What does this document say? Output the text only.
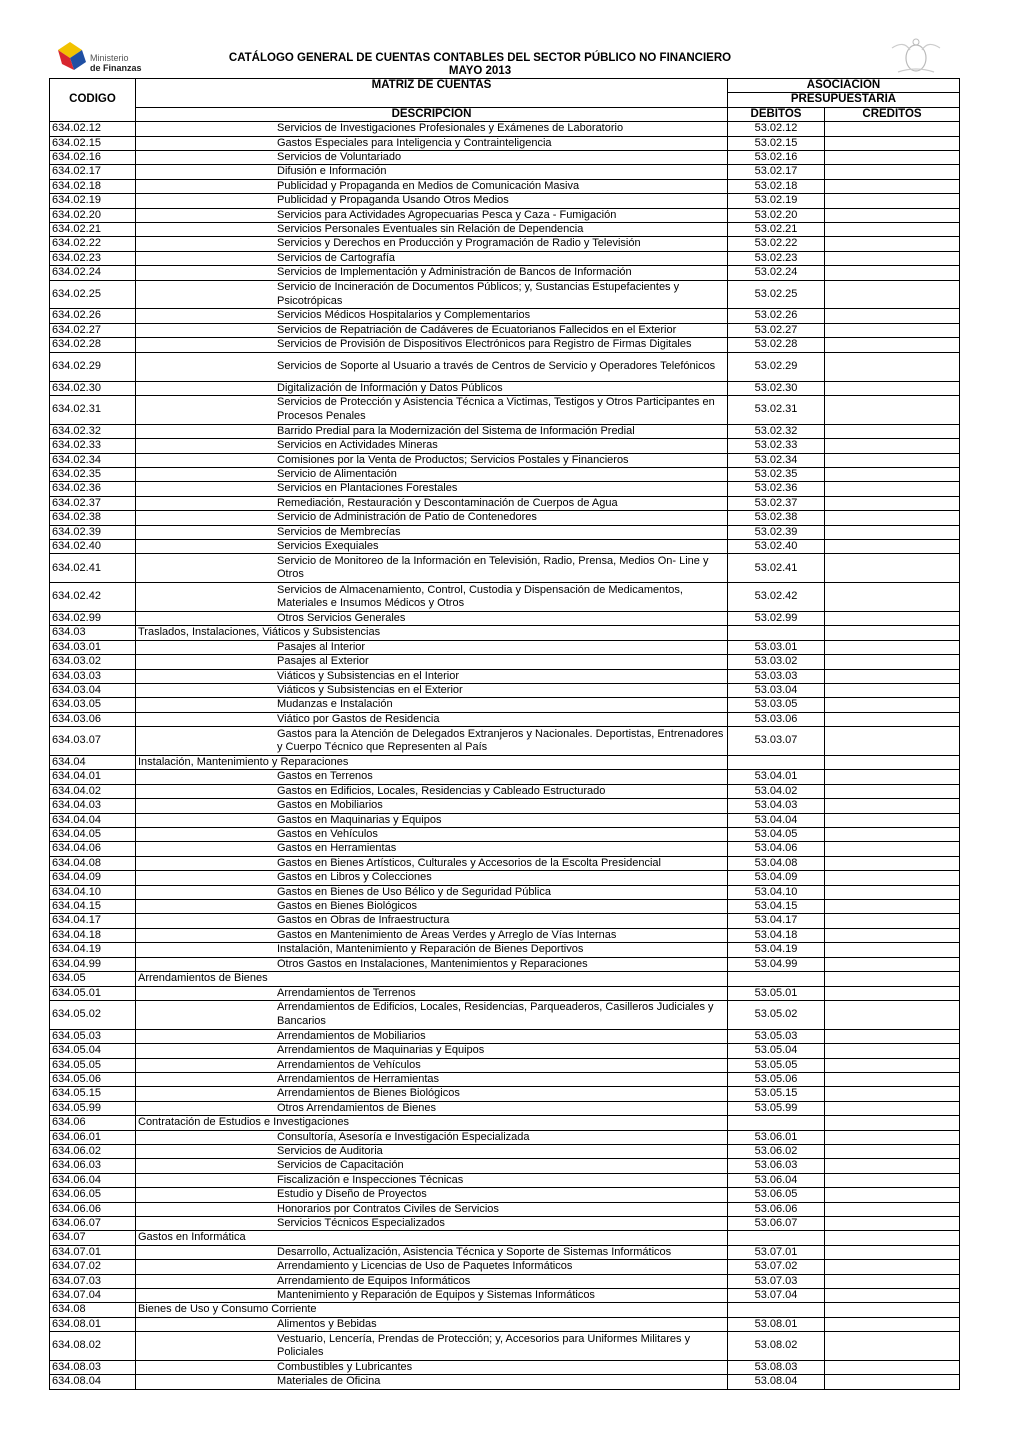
Ministerio
de Finanzas
CATÁLOGO GENERAL DE CUENTAS CONTABLES DEL SECTOR PÚBLICO NO FINANCIERO
MAYO 2013
CODIGO	MATRIZ DE CUENTAS	ASOCIACION	
		PRESUPUESTARIA	
	DESCRIPCION	DÉBITOS	CRÉDITOS
634.02.12	Servicios de Investigaciones Profesionales y Exámenes de Laboratorio	53.02.12	
634.02.15	Gastos Especiales para Inteligencia y Contrainteligencia	53.02.15	
634.02.16	Servicios de Voluntariado	53.02.16	
634.02.17	Difusión e Información	53.02.17	
634.02.18	Publicidad y Propaganda en Medios de Comunicación Masiva	53.02.18	
634.02.19	Publicidad y Propaganda Usando Otros Medios	53.02.19	
634.02.20	Servicios para Actividades Agropecuarias Pesca y Caza - Fumigación	53.02.20	
634.02.21	Servicios Personales Eventuales sin Relación de Dependencia	53.02.21	
634.02.22	Servicios y Derechos en Producción y Programación de Radio y Televisión	53.02.22	
634.02.23	Servicios de Cartografía	53.02.23	
634.02.24	Servicios de Implementación y Administración de Bancos de Información	53.02.24	
634.02.25	Servicio de Incineración de Documentos Públicos; y, Sustancias Estupefacientes y Psicotrópicas	53.02.25	
634.02.26	Servicios Médicos Hospitalarios y Complementarios	53.02.26	
634.02.27	Servicios de Repatriación de Cadáveres de Ecuatorianos Fallecidos en el Exterior	53.02.27	
634.02.28	Servicios de Provisión de Dispositivos Electrónicos para Registro de Firmas Digitales	53.02.28	
634.02.29	Servicios de Soporte al Usuario a través de Centros de Servicio y Operadores Telefónicos	53.02.29	
634.02.30	Digitalización de Información y Datos Públicos	53.02.30	
634.02.31	Servicios de Protección y Asistencia Técnica a Victimas, Testigos y Otros Participantes en Procesos Penales	53.02.31	
634.02.32	Barrido Predial para la Modernización del Sistema de Información Predial	53.02.32	
634.02.33	Servicios en Actividades Mineras	53.02.33	
634.02.34	Comisiones por la Venta de Productos; Servicios Postales y Financieros	53.02.34	
634.02.35	Servicio de Alimentación	53.02.35	
634.02.36	Servicios en Plantaciones Forestales	53.02.36	
634.02.37	Remediación, Restauración y Descontaminación de Cuerpos de Agua	53.02.37	
634.02.38	Servicio de Administración de Patio de Contenedores	53.02.38	
634.02.39	Servicios de Membrecías	53.02.39	
634.02.40	Servicios Exequiales	53.02.40	
634.02.41	Servicio de Monitoreo de la Información en Televisión, Radio, Prensa, Medios On- Line y Otros	53.02.41	
634.02.42	Servicios de Almacenamiento, Control, Custodia y Dispensación de Medicamentos, Materiales e Insumos Médicos y Otros	53.02.42	
634.02.99	Otros Servicios Generales	53.02.99	
634.03	Traslados, Instalaciones, Viáticos y Subsistencias		
634.03.01	Pasajes al Interior	53.03.01	
634.03.02	Pasajes al Exterior	53.03.02	
634.03.03	Viáticos y Subsistencias en el Interior	53.03.03	
634.03.04	Viáticos y Subsistencias en el Exterior	53.03.04	
634.03.05	Mudanzas e Instalación	53.03.05	
634.03.06	Viático por Gastos de Residencia	53.03.06	
634.03.07	Gastos para la Atención de Delegados Extranjeros y Nacionales. Deportistas, Entrenadores y Cuerpo Técnico que Representen al País	53.03.07	
634.04	Instalación, Mantenimiento y Reparaciones		
634.04.01	Gastos en Terrenos	53.04.01	
634.04.02	Gastos en Edificios, Locales, Residencias y Cableado Estructurado	53.04.02	
634.04.03	Gastos en Mobiliarios	53.04.03	
634.04.04	Gastos en Maquinarias y Equipos	53.04.04	
634.04.05	Gastos en Vehículos	53.04.05	
634.04.06	Gastos en Herramientas	53.04.06	
634.04.08	Gastos en Bienes Artísticos, Culturales y Accesorios de la Escolta Presidencial	53.04.08	
634.04.09	Gastos en Libros y Colecciones	53.04.09	
634.04.10	Gastos en Bienes de Uso Bélico y de Seguridad Pública	53.04.10	
634.04.15	Gastos en Bienes Biológicos	53.04.15	
634.04.17	Gastos en Obras de Infraestructura	53.04.17	
634.04.18	Gastos en Mantenimiento de Áreas Verdes y Arreglo de Vías Internas	53.04.18	
634.04.19	Instalación, Mantenimiento y Reparación de Bienes Deportivos	53.04.19	
634.04.99	Otros Gastos en Instalaciones, Mantenimientos y Reparaciones	53.04.99	
634.05	Arrendamientos de Bienes		
634.05.01	Arrendamientos de Terrenos	53.05.01	
634.05.02	Arrendamientos de Edificios, Locales, Residencias, Parqueaderos, Casilleros Judiciales y Bancarios	53.05.02	
634.05.03	Arrendamientos de Mobiliarios	53.05.03	
634.05.04	Arrendamientos de Maquinarias y Equipos	53.05.04	
634.05.05	Arrendamientos de Vehículos	53.05.05	
634.05.06	Arrendamientos de Herramientas	53.05.06	
634.05.15	Arrendamientos de Bienes Biológicos	53.05.15	
634.05.99	Otros Arrendamientos de Bienes	53.05.99	
634.06	Contratación de Estudios e Investigaciones		
634.06.01	Consultoría, Asesoría e Investigación Especializada	53.06.01	
634.06.02	Servicios de Auditoria	53.06.02	
634.06.03	Servicios de Capacitación	53.06.03	
634.06.04	Fiscalización e Inspecciones Técnicas	53.06.04	
634.06.05	Estudio y Diseño de Proyectos	53.06.05	
634.06.06	Honorarios por Contratos Civiles de Servicios	53.06.06	
634.06.07	Servicios Técnicos Especializados	53.06.07	
634.07	Gastos en Informática		
634.07.01	Desarrollo, Actualización, Asistencia Técnica y Soporte de Sistemas Informáticos	53.07.01	
634.07.02	Arrendamiento y Licencias de Uso de Paquetes Informáticos	53.07.02	
634.07.03	Arrendamiento de Equipos Informáticos	53.07.03	
634.07.04	Mantenimiento y Reparación de Equipos y Sistemas Informáticos	53.07.04	
634.08	Bienes de Uso y Consumo Corriente		
634.08.01	Alimentos y Bebidas	53.08.01	
634.08.02	Vestuario, Lencería, Prendas de Protección; y, Accesorios para Uniformes Militares y Policiales	53.08.02	
634.08.03	Combustibles y Lubricantes	53.08.03	
634.08.04	Materiales de Oficina	53.08.04	
